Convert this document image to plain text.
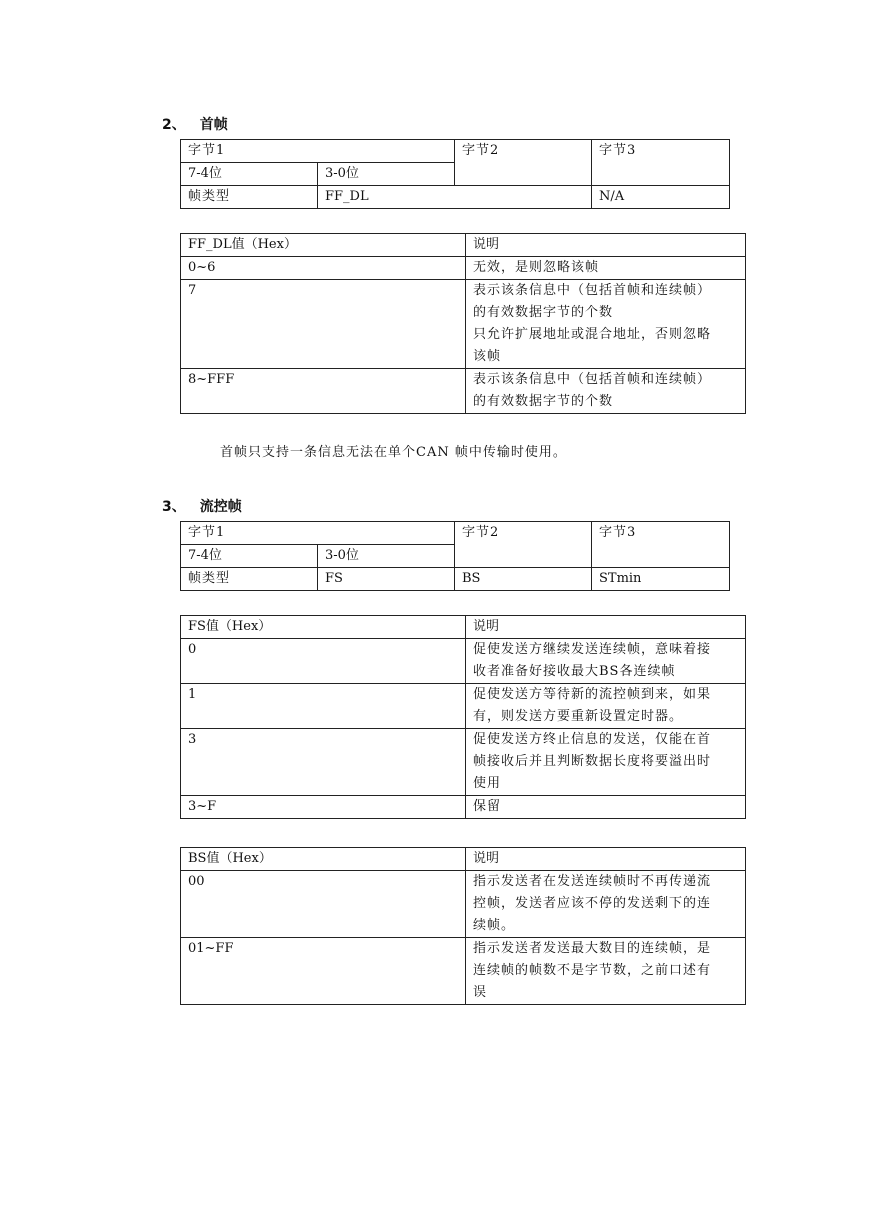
2、 首帧
字节1		字节2	字节3
7-4位	3-0位		
帧类型	FF_DL		N/A
FF_DL值（Hex）	说明
0~6	无效，是则忽略该帧

7	表示该条信息中（包括首帧和连续帧）
的有效数据字节的个数
只允许扩展地址或混合地址，否则忽略
该帧

8~FFF	表示该条信息中（包括首帧和连续帧）
的有效数据字节的个数
首帧只支持一条信息无法在单个CAN 帧中传输时使用。
3、 流控帧
字节1		字节2	字节3
7-4位	3-0位		
帧类型	FS	BS	STmin
FS值（Hex）	说明
0	促使发送方继续发送连续帧，意味着接
收者准备好接收最大BS各连续帧

1	促使发送方等待新的流控帧到来，如果
有，则发送方要重新设置定时器。

3	促使发送方终止信息的发送，仅能在首
帧接收后并且判断数据长度将要溢出时
使用

3~F	保留
BS值（Hex）	说明
00	指示发送者在发送连续帧时不再传递流
控帧，发送者应该不停的发送剩下的连
续帧。

01~FF	指示发送者发送最大数目的连续帧，是
连续帧的帧数不是字节数，之前口述有
误
